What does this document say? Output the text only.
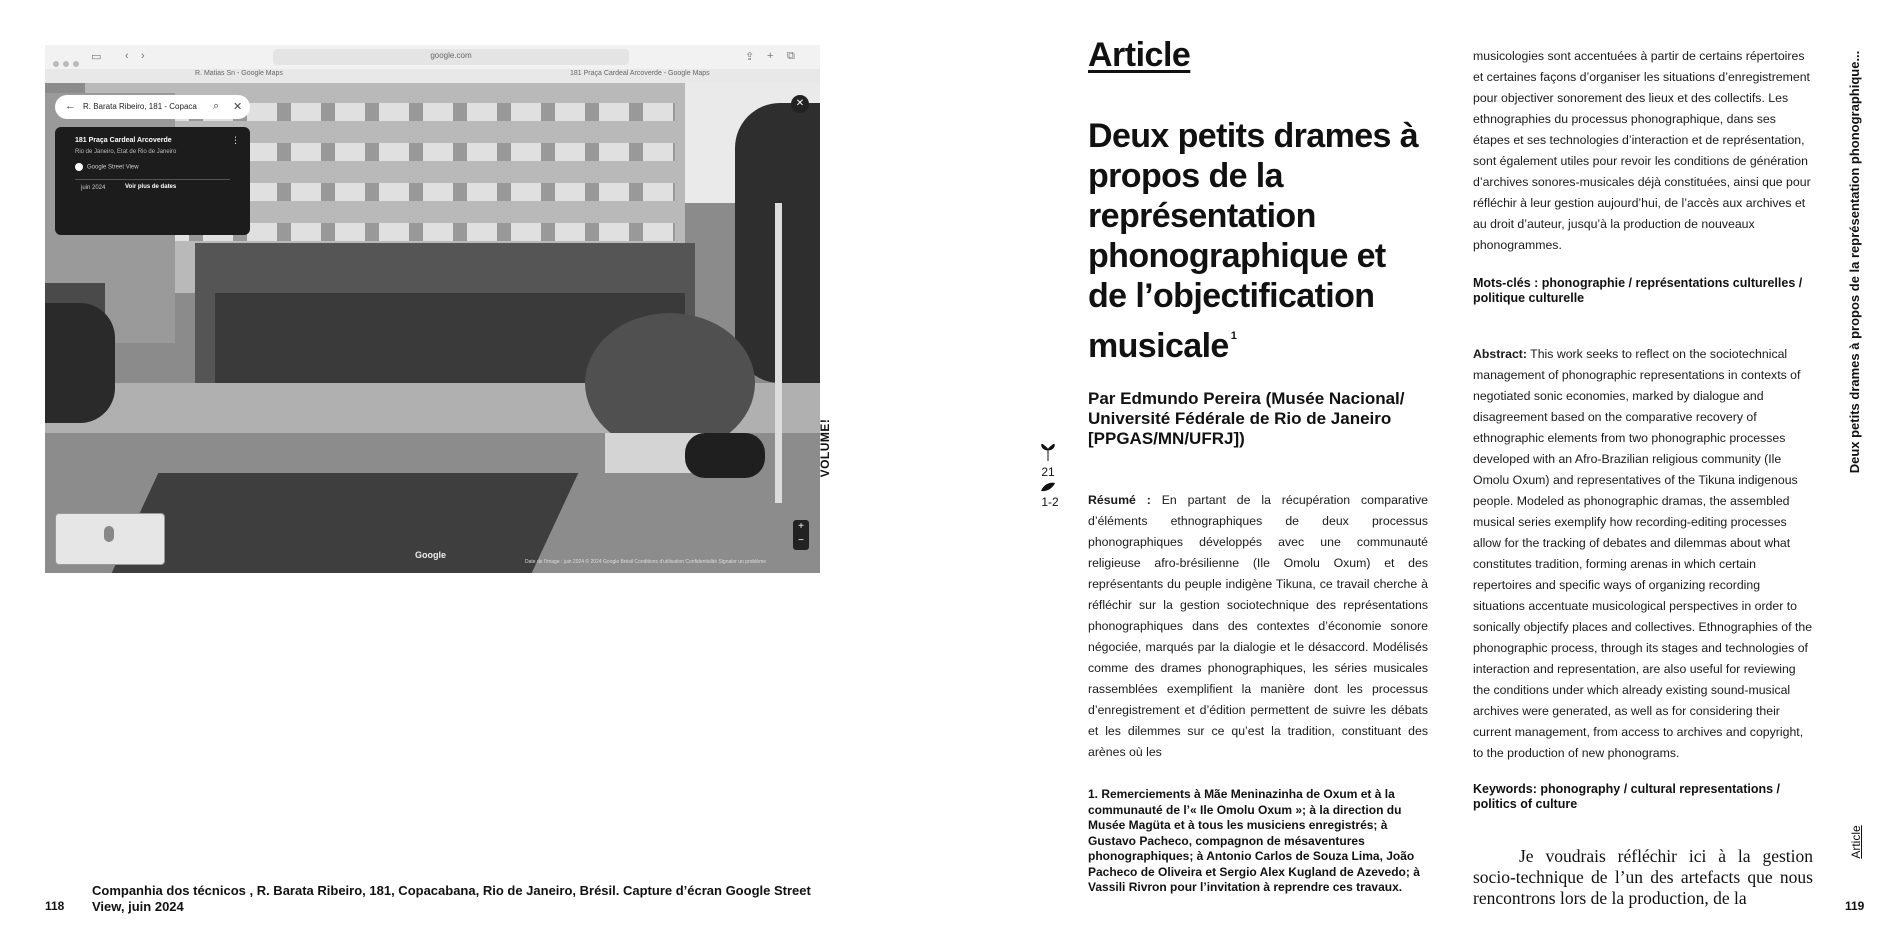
▭ ‹ ›	google.com	⇪ + ⧉
R. Matias Sn - Google Maps	181 Praça Cardeal Arcoverde - Google Maps
← R. Barata Ribeiro, 181 - Copaca ⌕ ✕
181 Praça Cardeal Arcoverde	⋮
Rio de Janeiro, Etat de Rio de Janeiro
Google Street View
juin 2024	Voir plus de dates
✕
Google
Date de l'image : juin 2024 © 2024 Google Brésil Conditions d'utilisation Confidentialité Signaler un problème
+
−
118
Companhia dos técnicos , R. Barata Ribeiro, 181, Copacabana, Rio de Janeiro, Brésil. Capture d’écran Google Street View, juin 2024
VOLUME!	21
1-2
Article
Deux petits drames à propos de la représentation phonographique et de l’objectification musicale $^1$
Par Edmundo Pereira (Musée Nacional/ Université Fédérale de Rio de Janeiro [PPGAS/MN/UFRJ])
Résumé : En partant de la récupération comparative d’éléments ethnographiques de deux processus phonographiques développés avec une communauté religieuse afro-brésilienne (Ile Omolu Oxum) et des représentants du peuple indigène Tikuna, ce travail cherche à réfléchir sur la gestion sociotechnique des représentations phonographiques dans des contextes d’économie sonore négociée, marqués par la dialogie et le désaccord. Modélisés comme des drames phonographiques, les séries musicales rassemblées exemplifient la manière dont les processus d’enregistrement et d’édition permettent de suivre les débats et les dilemmes sur ce qu’est la tradition, constituant des arènes où les
1. Remerciements à Mãe Meninazinha de Oxum et à la communauté de l’« Ile Omolu Oxum »; à la direction du Musée Magüta et à tous les musiciens enregistrés; à Gustavo Pacheco, compagnon de mésaventures phonographiques; à Antonio Carlos de Souza Lima, João Pacheco de Oliveira et Sergio Alex Kugland de Azevedo; à Vassili Rivron pour l’invitation à reprendre ces travaux.
musicologies sont accentuées à partir de certains répertoires et certaines façons d’organiser les situations d’enregistrement pour objectiver sonorement des lieux et des collectifs. Les ethnographies du processus phonographique, dans ses étapes et ses technologies d’interaction et de représentation, sont également utiles pour revoir les conditions de génération d’archives sonores-musicales déjà constituées, ainsi que pour réfléchir à leur gestion aujourd’hui, de l’accès aux archives et au droit d’auteur, jusqu’à la production de nouveaux phonogrammes.
Mots-clés : phonographie / représentations culturelles / politique culturelle
Abstract: This work seeks to reflect on the sociotechnical management of phonographic representations in contexts of negotiated sonic economies, marked by dialogue and disagreement based on the comparative recovery of ethnographic elements from two phonographic processes developed with an Afro-Brazilian religious community (Ile Omolu Oxum) and representatives of the Tikuna indigenous people. Modeled as phonographic dramas, the assembled musical series exemplify how recording-editing processes allow for the tracking of debates and dilemmas about what constitutes tradition, forming arenas in which certain repertoires and specific ways of organizing recording situations accentuate musicological perspectives in order to sonically objectify places and collectives. Ethnographies of the phonographic process, through its stages and technologies of interaction and representation, are also useful for reviewing the conditions under which already existing sound-musical archives were generated, as well as for considering their current management, from access to archives and copyright, to the production of new phonograms.
Keywords: phonography / cultural representations / politics of culture
Je voudrais réfléchir ici à la gestion socio-technique de l’un des artefacts que nous rencontrons lors de la production, de la
Deux petits drames à propos de la représentation phonographique...
Article
119
